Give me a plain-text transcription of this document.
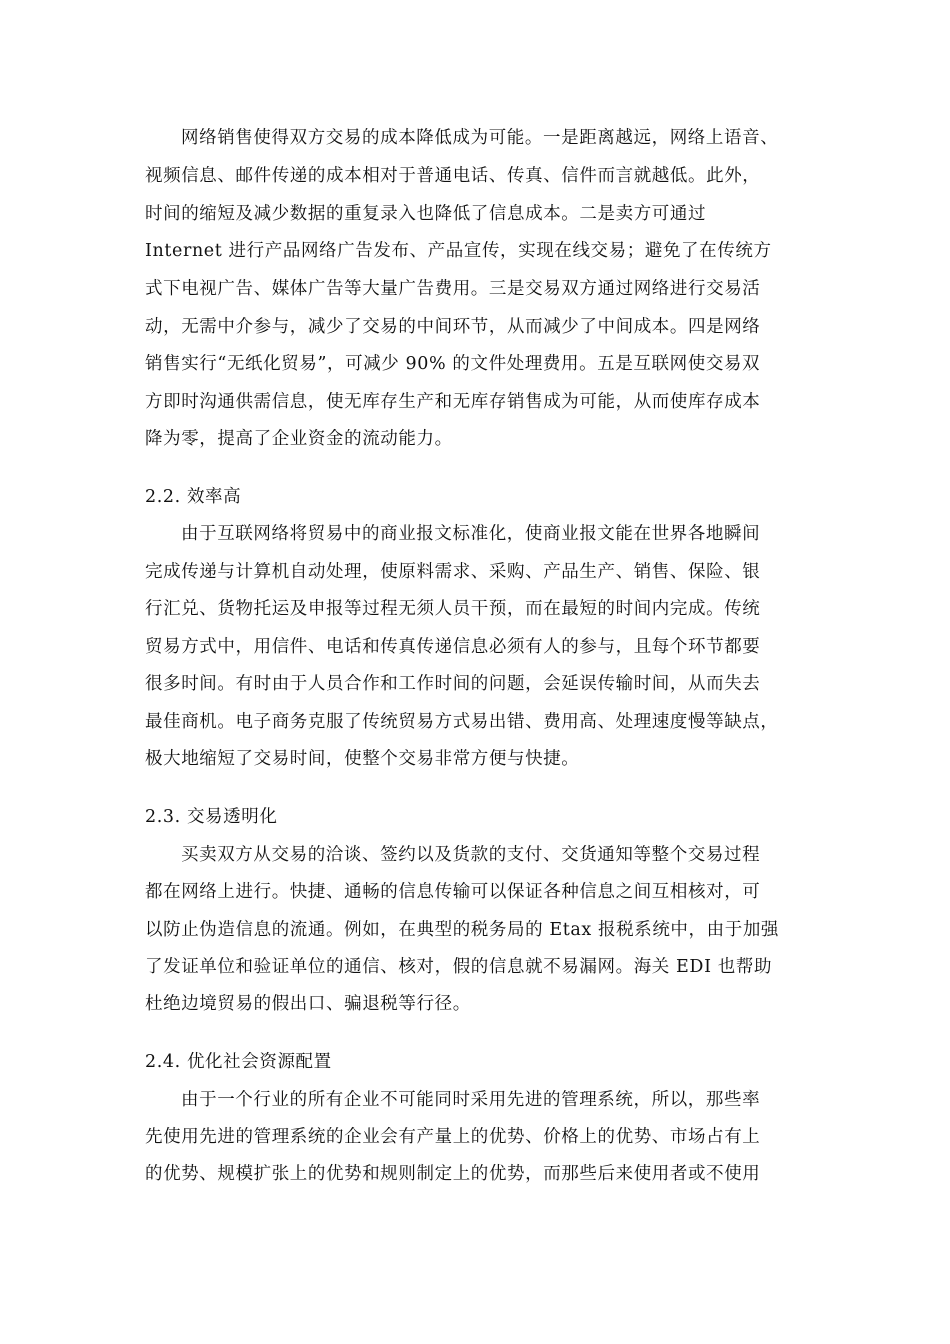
网络销售使得双方交易的成本降低成为可能。一是距离越远，网络上语音、
视频信息、邮件传递的成本相对于普通电话、传真、信件而言就越低。此外，
时间的缩短及减少数据的重复录入也降低了信息成本。二是卖方可通过
Internet 进行产品网络广告发布、产品宣传，实现在线交易；避免了在传统方
式下电视广告、媒体广告等大量广告费用。三是交易双方通过网络进行交易活
动，无需中介参与，减少了交易的中间环节，从而减少了中间成本。四是网络
销售实行“无纸化贸易”，可减少 90% 的文件处理费用。五是互联网使交易双
方即时沟通供需信息，使无库存生产和无库存销售成为可能，从而使库存成本
降为零，提高了企业资金的流动能力。
2.2. 效率高
由于互联网络将贸易中的商业报文标准化，使商业报文能在世界各地瞬间
完成传递与计算机自动处理，使原料需求、采购、产品生产、销售、保险、银
行汇兑、货物托运及申报等过程无须人员干预，而在最短的时间内完成。传统
贸易方式中，用信件、电话和传真传递信息必须有人的参与，且每个环节都要
很多时间。有时由于人员合作和工作时间的问题，会延误传输时间，从而失去
最佳商机。电子商务克服了传统贸易方式易出错、费用高、处理速度慢等缺点，
极大地缩短了交易时间，使整个交易非常方便与快捷。
2.3. 交易透明化
买卖双方从交易的洽谈、签约以及货款的支付、交货通知等整个交易过程
都在网络上进行。快捷、通畅的信息传输可以保证各种信息之间互相核对，可
以防止伪造信息的流通。例如，在典型的税务局的 Etax 报税系统中，由于加强
了发证单位和验证单位的通信、核对，假的信息就不易漏网。海关 EDI 也帮助
杜绝边境贸易的假出口、骗退税等行径。
2.4. 优化社会资源配置
由于一个行业的所有企业不可能同时采用先进的管理系统，所以，那些率
先使用先进的管理系统的企业会有产量上的优势、价格上的优势、市场占有上
的优势、规模扩张上的优势和规则制定上的优势，而那些后来使用者或不使用
